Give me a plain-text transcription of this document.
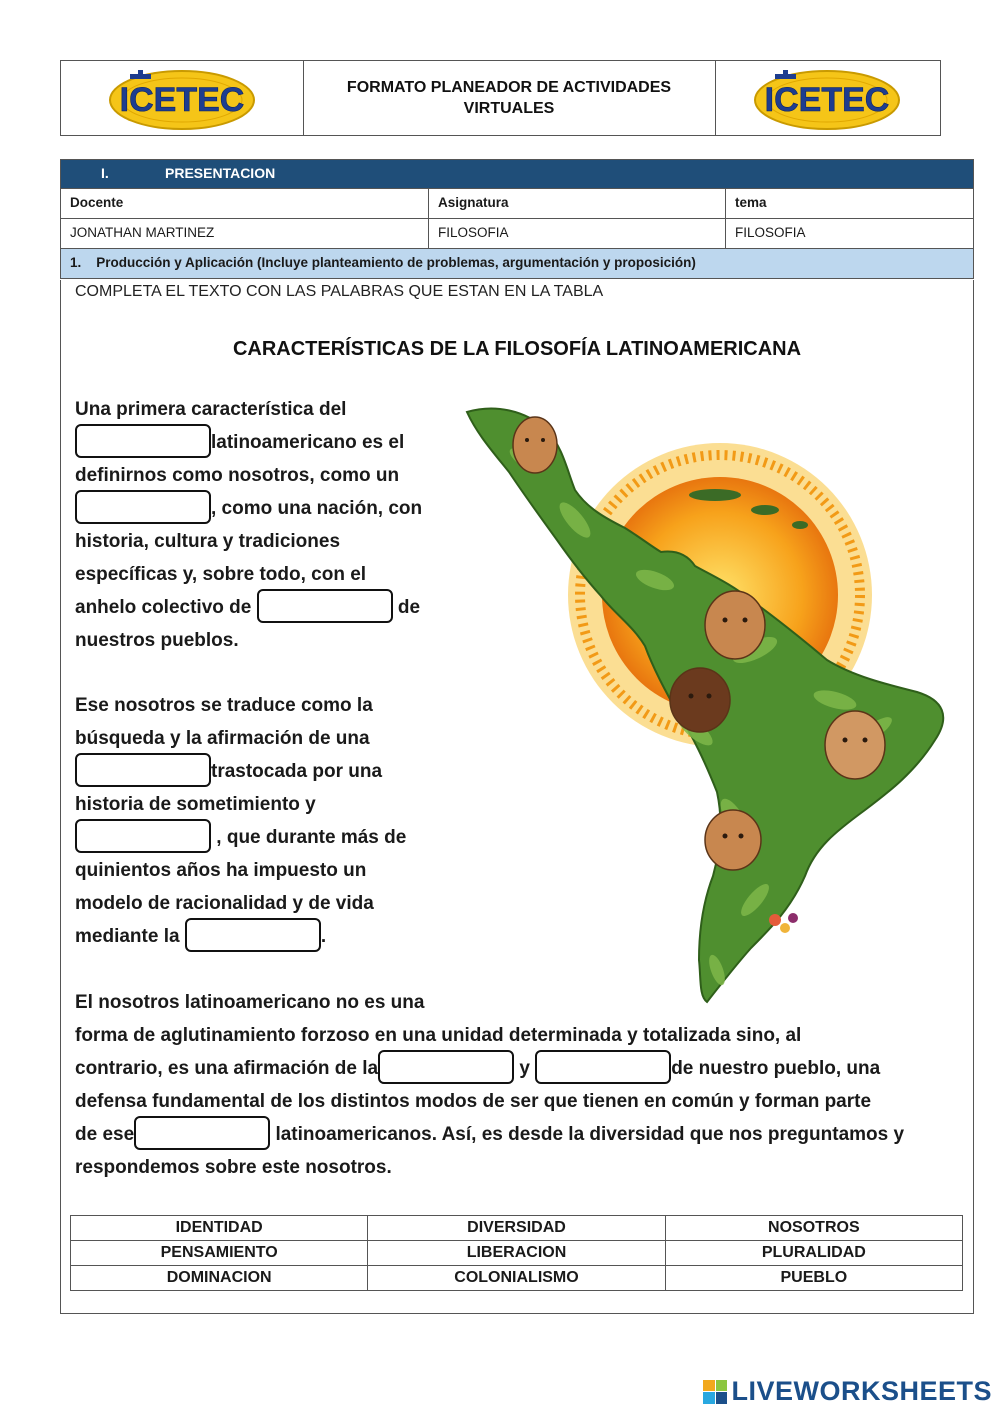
ICETEC	FORMATO PLANEADOR DE ACTIVIDADES
VIRTUALES	ICETEC
I.	PRESENTACION
Docente	Asignatura	tema
JONATHAN MARTINEZ	FILOSOFIA	FILOSOFIA
1.    Producción y Aplicación (Incluye planteamiento de problemas, argumentación y proposición)
COMPLETA EL TEXTO CON LAS PALABRAS QUE ESTAN EN LA TABLA
CARACTERÍSTICAS DE LA FILOSOFÍA LATINOAMERICANA
Una primera característica del
latinoamericano es el
definirnos como nosotros, como un
, como una nación, con
historia, cultura y tradiciones
específicas y, sobre todo, con el
anhelo colectivo de	de
nuestros pueblos.
Ese nosotros se traduce como la
búsqueda y la afirmación de una
trastocada por una
historia de sometimiento y
, que durante más de
quinientos años ha impuesto un
modelo de racionalidad y de vida
mediante la	.
El nosotros latinoamericano no es una
forma de aglutinamiento forzoso en una unidad determinada y totalizada sino, al
contrario, es una afirmación de la	y	de nuestro pueblo, una
defensa fundamental de los distintos modos de ser que tienen en común y forman parte
de ese	latinoamericanos. Así, es desde la diversidad que nos preguntamos y
respondemos sobre este nosotros.
IDENTIDAD	DIVERSIDAD	NOSOTROS
PENSAMIENTO	LIBERACION	PLURALIDAD
DOMINACION	COLONIALISMO	PUEBLO
LIVEWORKSHEETS
